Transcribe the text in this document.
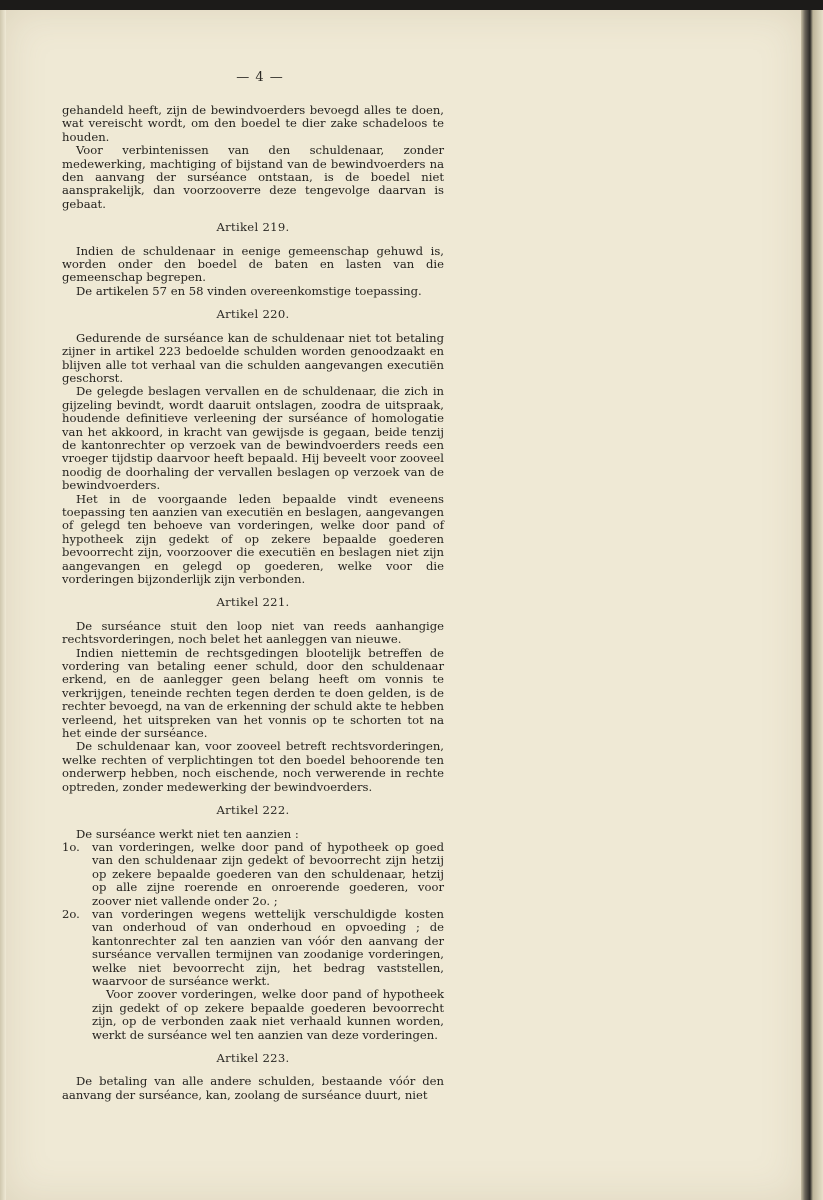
— 4 —

gehandeld heeft, zijn de bewindvoerders bevoegd alles te doen, wat vereischt wordt, om den boedel te dier zake schadeloos te houden.

Voor verbintenissen van den schuldenaar, zonder medewerking, machtiging of bijstand van de bewindvoerders na den aanvang der surséance ontstaan, is de boedel niet aansprakelijk, dan voorzooverre deze tengevolge daarvan is gebaat.

Artikel 219.

Indien de schuldenaar in eenige gemeenschap gehuwd is, worden onder den boedel de baten en lasten van die gemeenschap begrepen.

De artikelen 57 en 58 vinden overeenkomstige toepassing.

Artikel 220.

Gedurende de surséance kan de schuldenaar niet tot betaling zijner in artikel 223 bedoelde schulden worden genoodzaakt en blijven alle tot verhaal van die schulden aangevangen executiën geschorst.

De gelegde beslagen vervallen en de schuldenaar, die zich in gijzeling bevindt, wordt daaruit ontslagen, zoodra de uitspraak, houdende definitieve verleening der surséance of homologatie van het akkoord, in kracht van gewijsde is gegaan, beide tenzij de kantonrechter op verzoek van de bewindvoerders reeds een vroeger tijdstip daarvoor heeft bepaald. Hij beveelt voor zooveel noodig de doorhaling der vervallen beslagen op verzoek van de bewindvoerders.

Het in de voorgaande leden bepaalde vindt eveneens toepassing ten aanzien van executiën en beslagen, aangevangen of gelegd ten behoeve van vorderingen, welke door pand of hypotheek zijn gedekt of op zekere bepaalde goederen bevoorrecht zijn, voorzoover die executiën en beslagen niet zijn aangevangen en gelegd op goederen, welke voor die vorderingen bijzonderlijk zijn verbonden.

Artikel 221.

De surséance stuit den loop niet van reeds aanhangige rechtsvorderingen, noch belet het aanleggen van nieuwe.

Indien niettemin de rechtsgedingen blootelijk betreffen de vordering van betaling eener schuld, door den schuldenaar erkend, en de aanlegger geen belang heeft om vonnis te verkrijgen, teneinde rechten tegen derden te doen gelden, is de rechter bevoegd, na van de erkenning der schuld akte te hebben verleend, het uitspreken van het vonnis op te schorten tot na het einde der surséance.

De schuldenaar kan, voor zooveel betreft rechtsvorderingen, welke rechten of verplichtingen tot den boedel behoorende ten onderwerp hebben, noch eischende, noch verwerende in rechte optreden, zonder medewerking der bewindvoerders.

Artikel 222.

De surséance werkt niet ten aanzien :

1o. van vorderingen, welke door pand of hypotheek op goed van den schuldenaar zijn gedekt of bevoorrecht zijn hetzij op zekere bepaalde goederen van den schuldenaar, hetzij op alle zijne roerende en onroerende goederen, voor zoover niet vallende onder 2o. ;
2o. van vorderingen wegens wettelijk verschuldigde kosten van onderhoud of van onderhoud en opvoeding ; de kantonrechter zal ten aanzien van vóór den aanvang der surséance vervallen termijnen van zoodanige vorderingen, welke niet bevoorrecht zijn, het bedrag vaststellen, waarvoor de surséance werkt.
Voor zoover vorderingen, welke door pand of hypotheek zijn gedekt of op zekere bepaalde goederen bevoorrecht zijn, op de verbonden zaak niet verhaald kunnen worden, werkt de surséance wel ten aanzien van deze vorderingen.
Artikel 223.

De betaling van alle andere schulden, bestaande vóór den aanvang der surséance, kan, zoolang de surséance duurt, niet
